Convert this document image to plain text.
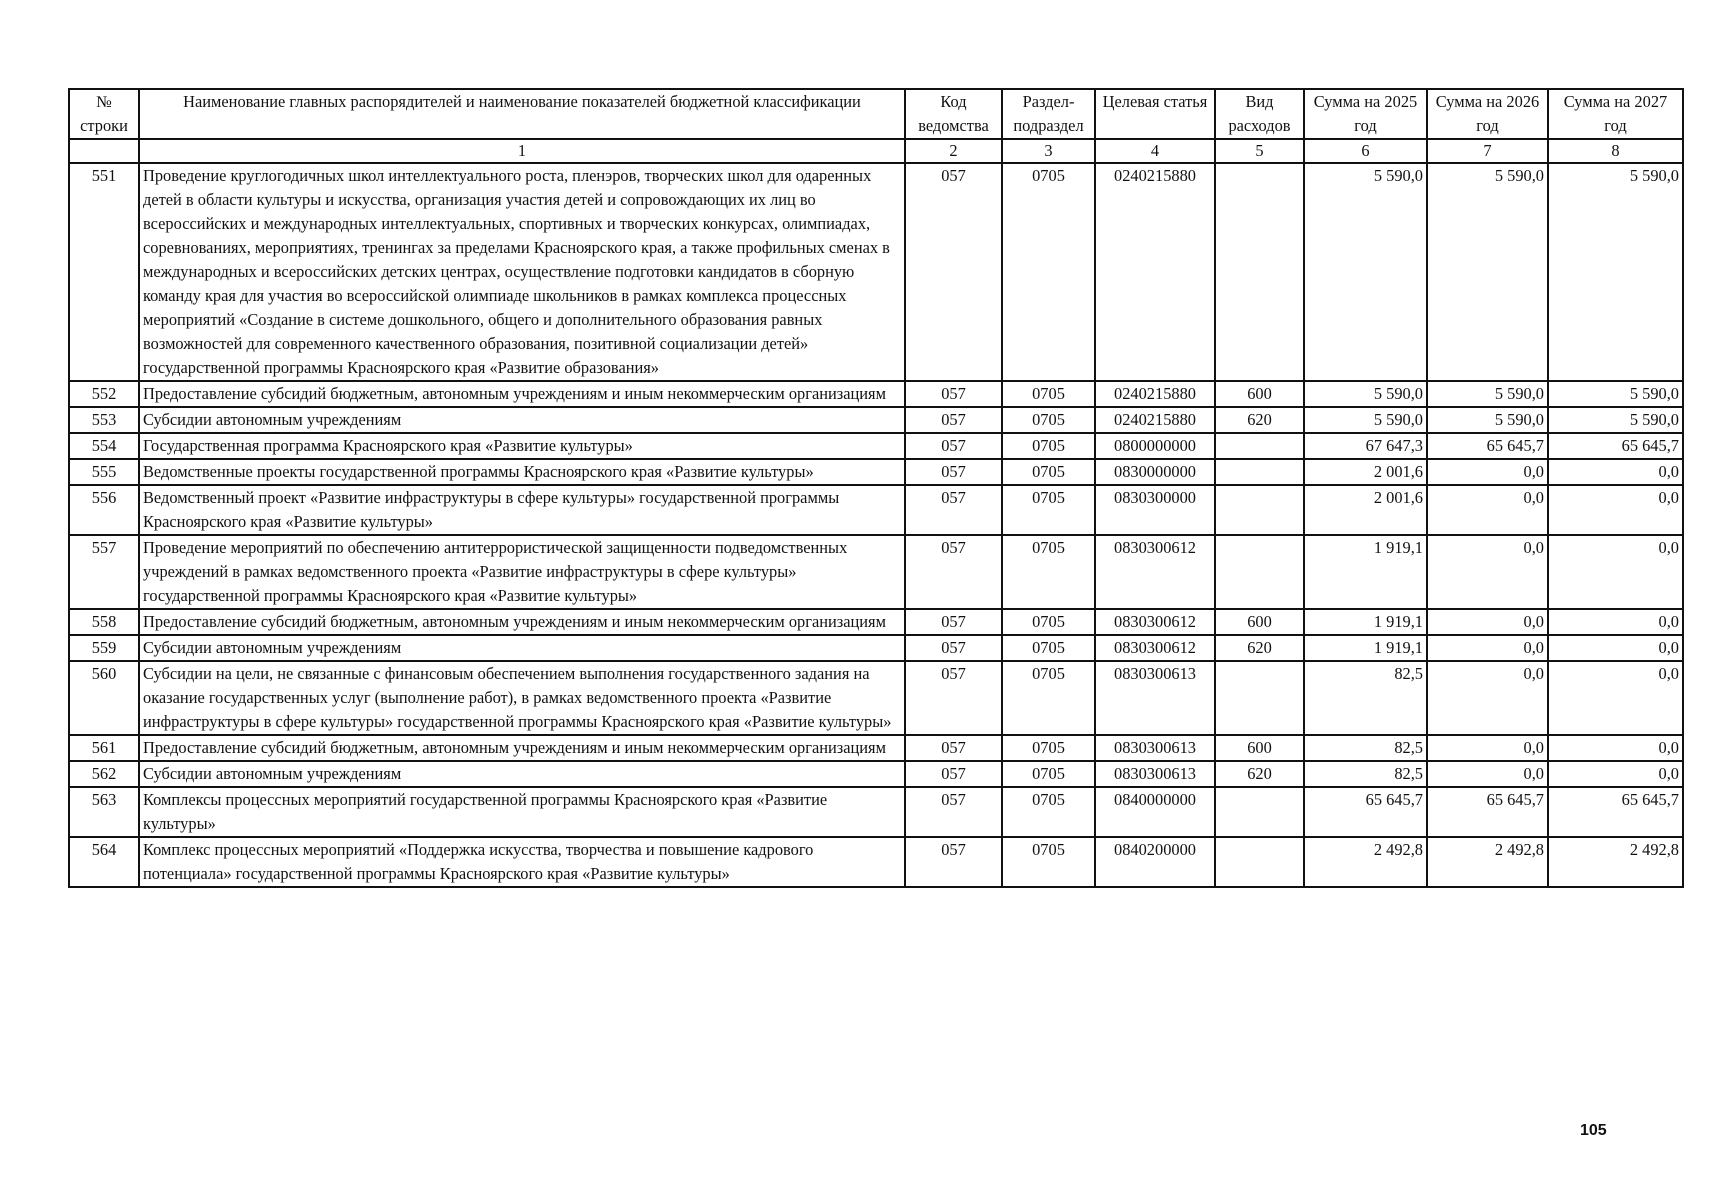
№ строки	Наименование главных распорядителей и наименование показателей бюджетной классификации	Код ведомства	Раздел-подраздел	Целевая статья	Вид расходов	Сумма на 2025 год	Сумма на 2026 год	Сумма на 2027 год
	1	2	3	4	5	6	7	8
551	Проведение круглогодичных школ интеллектуального роста, пленэров, творческих школ для одаренных детей в области культуры и искусства, организация участия детей и сопровождающих их лиц во всероссийских и международных интеллектуальных, спортивных и творческих конкурсах, олимпиадах, соревнованиях, мероприятиях, тренингах за пределами Красноярского края, а также профильных сменах в международных и всероссийских детских центрах, осуществление подготовки кандидатов в сборную команду края для участия во всероссийской олимпиаде школьников в рамках комплекса процессных мероприятий «Создание в системе дошкольного, общего и дополнительного образования равных возможностей для современного качественного образования, позитивной социализации детей» государственной программы Красноярского края «Развитие образования»	057	0705	0240215880		5 590,0	5 590,0	5 590,0
552	Предоставление субсидий бюджетным, автономным учреждениям и иным некоммерческим организациям	057	0705	0240215880	600	5 590,0	5 590,0	5 590,0
553	Субсидии автономным учреждениям	057	0705	0240215880	620	5 590,0	5 590,0	5 590,0
554	Государственная программа Красноярского края «Развитие культуры»	057	0705	0800000000		67 647,3	65 645,7	65 645,7
555	Ведомственные проекты государственной программы Красноярского края «Развитие культуры»	057	0705	0830000000		2 001,6	0,0	0,0
556	Ведомственный проект «Развитие инфраструктуры в сфере культуры» государственной программы Красноярского края «Развитие культуры»	057	0705	0830300000		2 001,6	0,0	0,0
557	Проведение мероприятий по обеспечению антитеррористической защищенности подведомственных учреждений в рамках ведомственного проекта «Развитие инфраструктуры в сфере культуры» государственной программы Красноярского края «Развитие культуры»	057	0705	0830300612		1 919,1	0,0	0,0
558	Предоставление субсидий бюджетным, автономным учреждениям и иным некоммерческим организациям	057	0705	0830300612	600	1 919,1	0,0	0,0
559	Субсидии автономным учреждениям	057	0705	0830300612	620	1 919,1	0,0	0,0
560	Субсидии на цели, не связанные с финансовым обеспечением выполнения государственного задания на оказание государственных услуг (выполнение работ), в рамках ведомственного проекта «Развитие инфраструктуры в сфере культуры» государственной программы Красноярского края «Развитие культуры»	057	0705	0830300613		82,5	0,0	0,0
561	Предоставление субсидий бюджетным, автономным учреждениям и иным некоммерческим организациям	057	0705	0830300613	600	82,5	0,0	0,0
562	Субсидии автономным учреждениям	057	0705	0830300613	620	82,5	0,0	0,0
563	Комплексы процессных мероприятий государственной программы Красноярского края «Развитие культуры»	057	0705	0840000000		65 645,7	65 645,7	65 645,7
564	Комплекс процессных мероприятий «Поддержка искусства, творчества и повышение кадрового потенциала» государственной программы Красноярского края «Развитие культуры»	057	0705	0840200000		2 492,8	2 492,8	2 492,8
105
